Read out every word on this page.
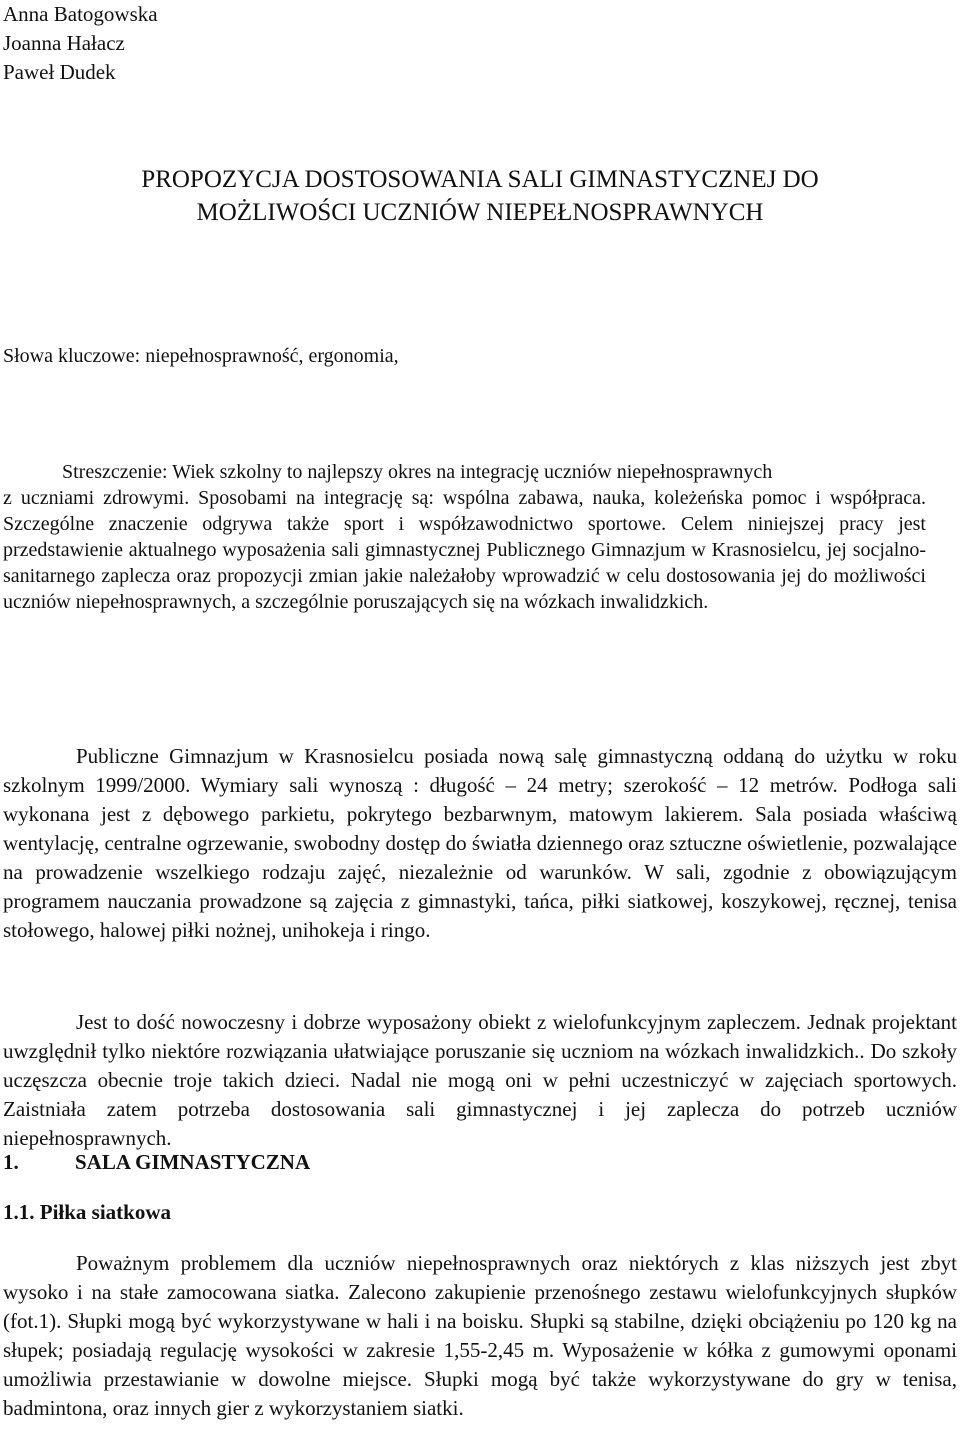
Anna Batogowska
Joanna Hałacz
Paweł Dudek
PROPOZYCJA DOSTOSOWANIA SALI GIMNASTYCZNEJ DO
MOŻLIWOŚCI UCZNIÓW NIEPEŁNOSPRAWNYCH
Słowa kluczowe: niepełnosprawność, ergonomia,
Streszczenie: Wiek szkolny to najlepszy okres na integrację uczniów niepełnosprawnych
z uczniami zdrowymi. Sposobami na integrację są: wspólna zabawa, nauka, koleżeńska pomoc i współpraca. Szczególne znaczenie odgrywa także sport i współzawodnictwo sportowe. Celem niniejszej pracy jest przedstawienie aktualnego wyposażenia sali gimnastycznej Publicznego Gimnazjum w Krasnosielcu, jej socjalno- sanitarnego zaplecza oraz propozycji zmian jakie należałoby wprowadzić w celu dostosowania jej do możliwości uczniów niepełnosprawnych, a szczególnie poruszających się na wózkach inwalidzkich.
Publiczne Gimnazjum w Krasnosielcu posiada nową salę gimnastyczną oddaną do użytku w roku szkolnym 1999/2000. Wymiary sali wynoszą : długość – 24 metry; szerokość – 12 metrów. Podłoga sali wykonana jest z dębowego parkietu, pokrytego bezbarwnym, matowym lakierem. Sala posiada właściwą wentylację, centralne ogrzewanie, swobodny dostęp do światła dziennego oraz sztuczne oświetlenie, pozwalające na prowadzenie wszelkiego rodzaju zajęć, niezależnie od warunków. W sali, zgodnie z obowiązującym programem nauczania prowadzone są zajęcia z gimnastyki, tańca, piłki siatkowej, koszykowej, ręcznej, tenisa stołowego, halowej piłki nożnej, unihokeja i ringo.
Jest to dość nowoczesny i dobrze wyposażony obiekt z wielofunkcyjnym zapleczem. Jednak projektant uwzględnił tylko niektóre rozwiązania ułatwiające poruszanie się uczniom na wózkach inwalidzkich.. Do szkoły uczęszcza obecnie troje takich dzieci. Nadal nie mogą oni w pełni uczestniczyć w zajęciach sportowych. Zaistniała zatem potrzeba dostosowania sali gimnastycznej i jej zaplecza do potrzeb uczniów niepełnosprawnych.
1.	SALA GIMNASTYCZNA
1.1. Piłka siatkowa
Poważnym problemem dla uczniów niepełnosprawnych oraz niektórych z klas niższych jest zbyt wysoko i na stałe zamocowana siatka. Zalecono zakupienie przenośnego zestawu wielofunkcyjnych słupków (fot.1). Słupki mogą być wykorzystywane w hali i na boisku. Słupki są stabilne, dzięki obciążeniu po 120 kg na słupek; posiadają regulację wysokości w zakresie 1,55-2,45 m. Wyposażenie w kółka z gumowymi oponami umożliwia przestawianie w dowolne miejsce. Słupki mogą być także wykorzystywane do gry w tenisa, badmintona, oraz innych gier z wykorzystaniem siatki.
